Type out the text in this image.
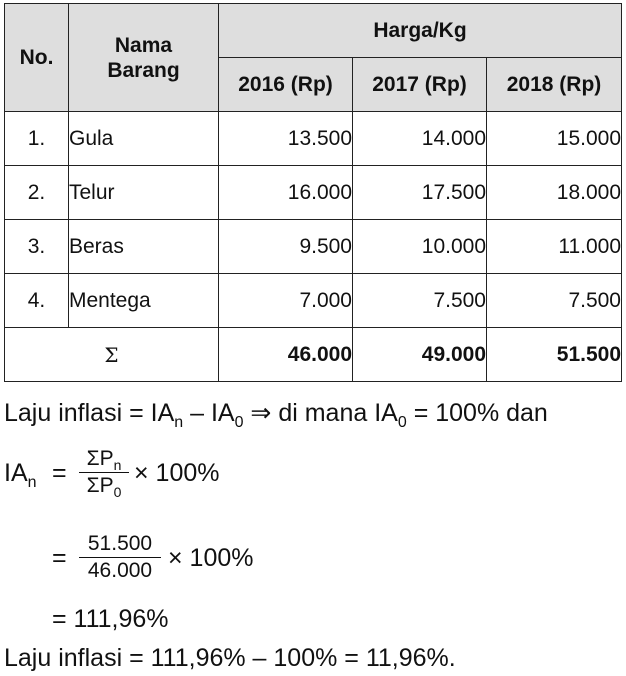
No.	Nama Barang	Harga/Kg		
		2016 (Rp)	2017 (Rp)	2018 (Rp)
1.	Gula	13.500	14.000	15.000
2.	Telur	16.000	17.500	18.000
3.	Beras	9.500	10.000	11.000
4.	Mentega	7.000	7.500	7.500
Σ		46.000	49.000	51.500
Laju inflasi = $IA_n - IA_0$ ⇒ di mana $IA_0 = 100\%$ dan
$IA_n$ =
$\Sigma P_n$
$\Sigma P_0$
× 100%
=
51.500
46.000 × 100%
= 111,96%
Laju inflasi = 111,96% – 100% = 11,96%.
